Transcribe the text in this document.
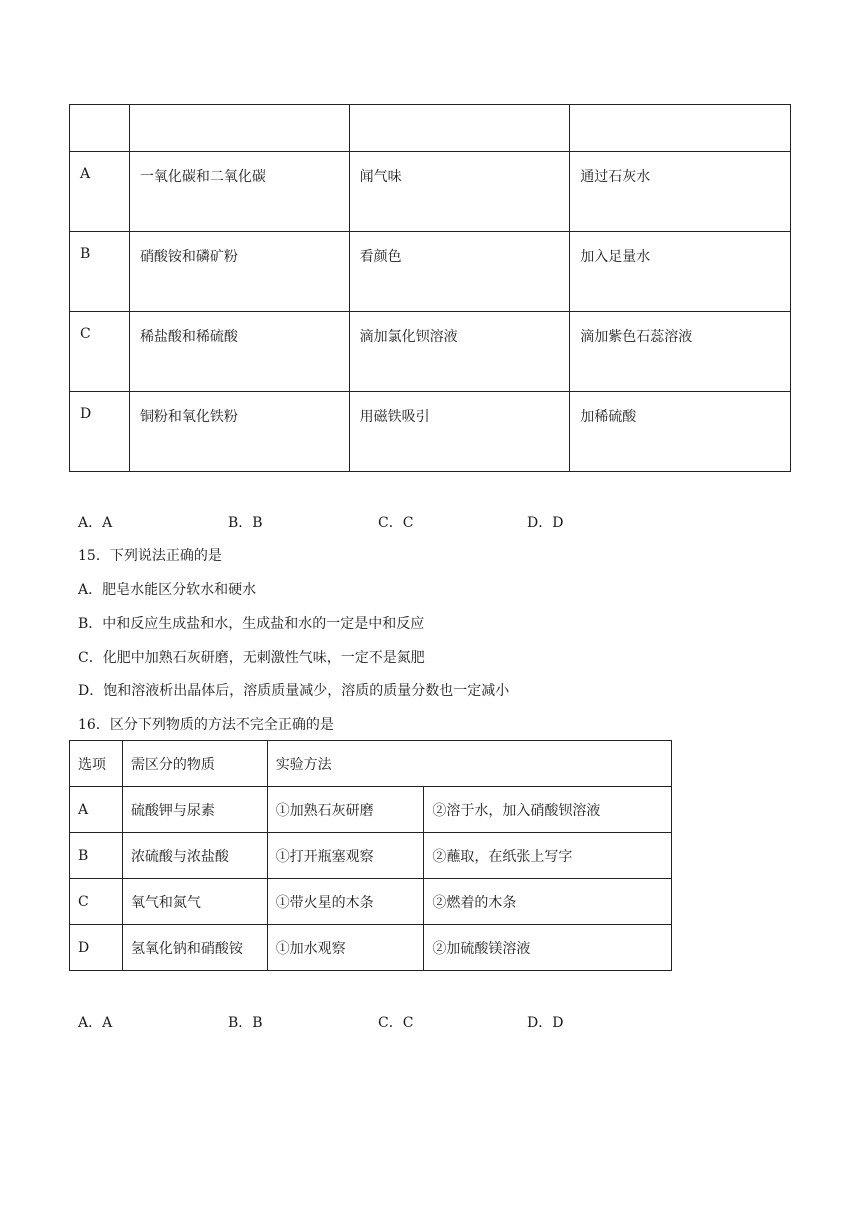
A	一氧化碳和二氧化碳	闻气味	通过石灰水
B	硝酸铵和磷矿粉	看颜色	加入足量水
C	稀盐酸和稀硫酸	滴加氯化钡溶液	滴加紫色石蕊溶液
D	铜粉和氧化铁粉	用磁铁吸引	加稀硫酸
A．A	B．B	C．C	D．D
15．下列说法正确的是
A．肥皂水能区分软水和硬水
B．中和反应生成盐和水，生成盐和水的一定是中和反应
C．化肥中加熟石灰研磨，无刺激性气味，一定不是氮肥
D．饱和溶液析出晶体后，溶质质量减少，溶质的质量分数也一定减小
16．区分下列物质的方法不完全正确的是
选项	需区分的物质	实验方法	
A	硫酸钾与尿素	①加熟石灰研磨	②溶于水，加入硝酸钡溶液
B	浓硫酸与浓盐酸	①打开瓶塞观察	②蘸取，在纸张上写字
C	氧气和氮气	①带火星的木条	②燃着的木条
D	氢氧化钠和硝酸铵	①加水观察	②加硫酸镁溶液
A．A	B．B	C．C	D．D
